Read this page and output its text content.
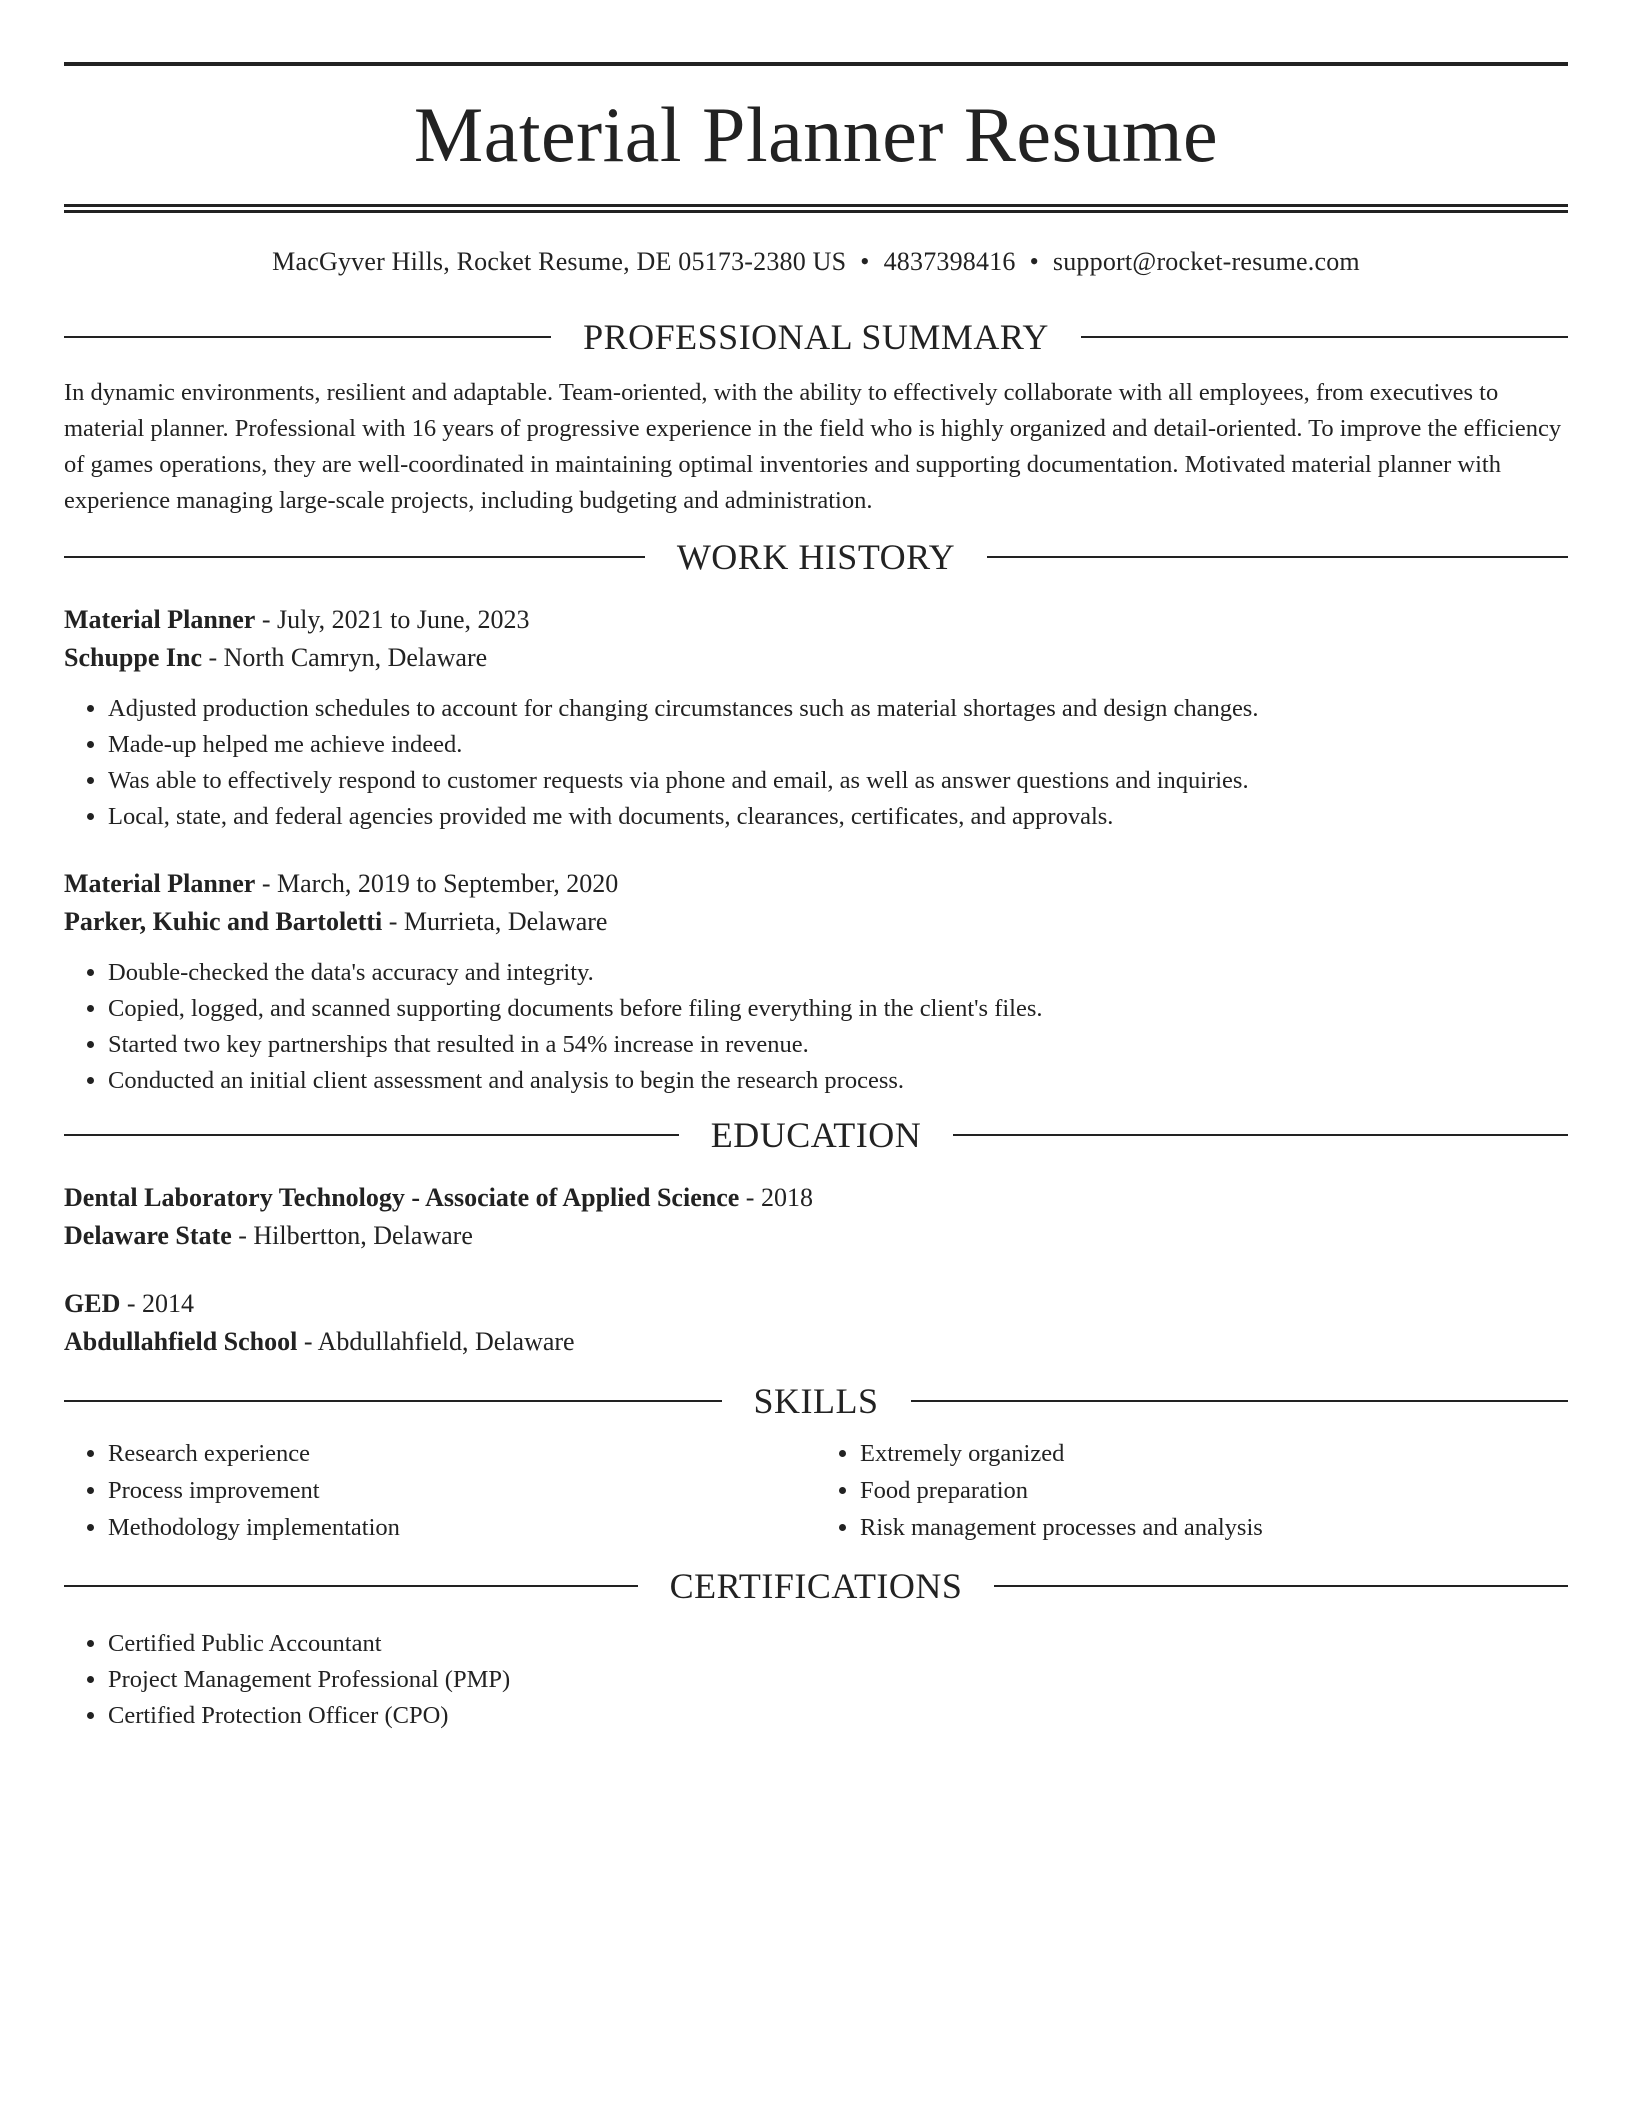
Material Planner Resume
MacGyver Hills, Rocket Resume, DE 05173-2380 US • 4837398416 • support@rocket-resume.com
PROFESSIONAL SUMMARY
In dynamic environments, resilient and adaptable. Team-oriented, with the ability to effectively collaborate with all employees, from executives to material planner. Professional with 16 years of progressive experience in the field who is highly organized and detail-oriented. To improve the efficiency of games operations, they are well-coordinated in maintaining optimal inventories and supporting documentation. Motivated material planner with experience managing large-scale projects, including budgeting and administration.
WORK HISTORY
Material Planner - July, 2021 to June, 2023
Schuppe Inc - North Camryn, Delaware
• Adjusted production schedules to account for changing circumstances such as material shortages and design changes.
• Made-up helped me achieve indeed.
• Was able to effectively respond to customer requests via phone and email, as well as answer questions and inquiries.
• Local, state, and federal agencies provided me with documents, clearances, certificates, and approvals.
Material Planner - March, 2019 to September, 2020
Parker, Kuhic and Bartoletti - Murrieta, Delaware
• Double-checked the data's accuracy and integrity.
• Copied, logged, and scanned supporting documents before filing everything in the client's files.
• Started two key partnerships that resulted in a 54% increase in revenue.
• Conducted an initial client assessment and analysis to begin the research process.
EDUCATION
Dental Laboratory Technology - Associate of Applied Science - 2018
Delaware State - Hilbertton, Delaware
GED - 2014
Abdullahfield School - Abdullahfield, Delaware
SKILLS
• Research experience
• Process improvement
• Methodology implementation
• Extremely organized
• Food preparation
• Risk management processes and analysis
CERTIFICATIONS
• Certified Public Accountant
• Project Management Professional (PMP)
• Certified Protection Officer (CPO)
